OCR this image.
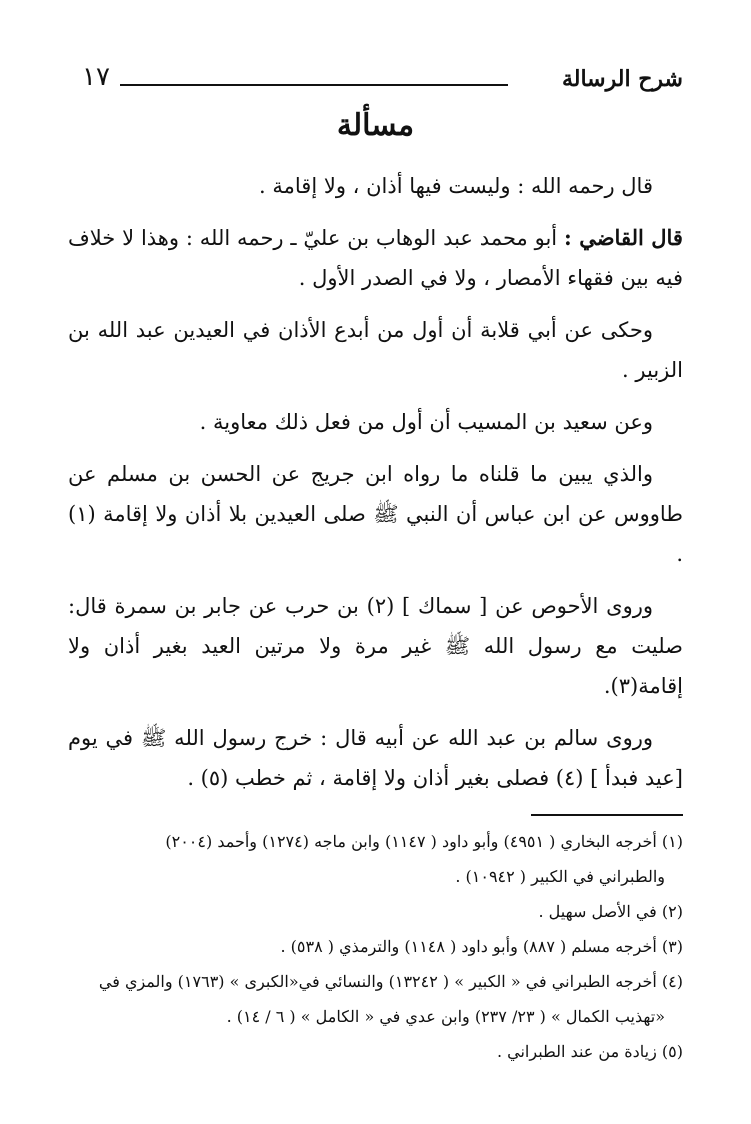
شرح الرسالة
١٧
مسألة

قال رحمه الله : وليست فيها أذان ، ولا إقامة .

قال القاضي : أبو محمد عبد الوهاب بن عليّ ـ رحمه الله : وهذا لا خلاف فيه بين فقهاء الأمصار ، ولا في الصدر الأول .

وحكى عن أبي قلابة أن أول من أبدع الأذان في العيدين عبد الله بن الزبير .

وعن سعيد بن المسيب أن أول من فعل ذلك معاوية .

والذي يبين ما قلناه ما رواه ابن جريج عن الحسن بن مسلم عن طاووس عن ابن عباس أن النبي ﷺ صلى العيدين بلا أذان ولا إقامة (١) .

وروى الأحوص عن [ سماك ] (٢) بن حرب عن جابر بن سمرة قال: صليت مع رسول الله ﷺ غير مرة ولا مرتين العيد بغير أذان ولا إقامة(٣).

وروى سالم بن عبد الله عن أبيه قال : خرج رسول الله ﷺ في يوم [عيد فبدأ ] (٤) فصلى بغير أذان ولا إقامة ، ثم خطب (٥) .

(١) أخرجه البخاري ( ٤٩٥١) وأبو داود ( ١١٤٧) وابن ماجه (١٢٧٤) وأحمد (٢٠٠٤)
والطبراني في الكبير ( ١٠٩٤٢) .

(٢) في الأصل سهيل .

(٣) أخرجه مسلم ( ٨٨٧) وأبو داود ( ١١٤٨) والترمذي ( ٥٣٨) .

(٤) أخرجه الطبراني في « الكبير » ( ١٣٢٤٢) والنسائي في«الكبرى » (١٧٦٣) والمزي في
«تهذيب الكمال » ( ٢٣/ ٢٣٧) وابن عدي في « الكامل » ( ٦ / ١٤) .

(٥) زيادة من عند الطبراني .
